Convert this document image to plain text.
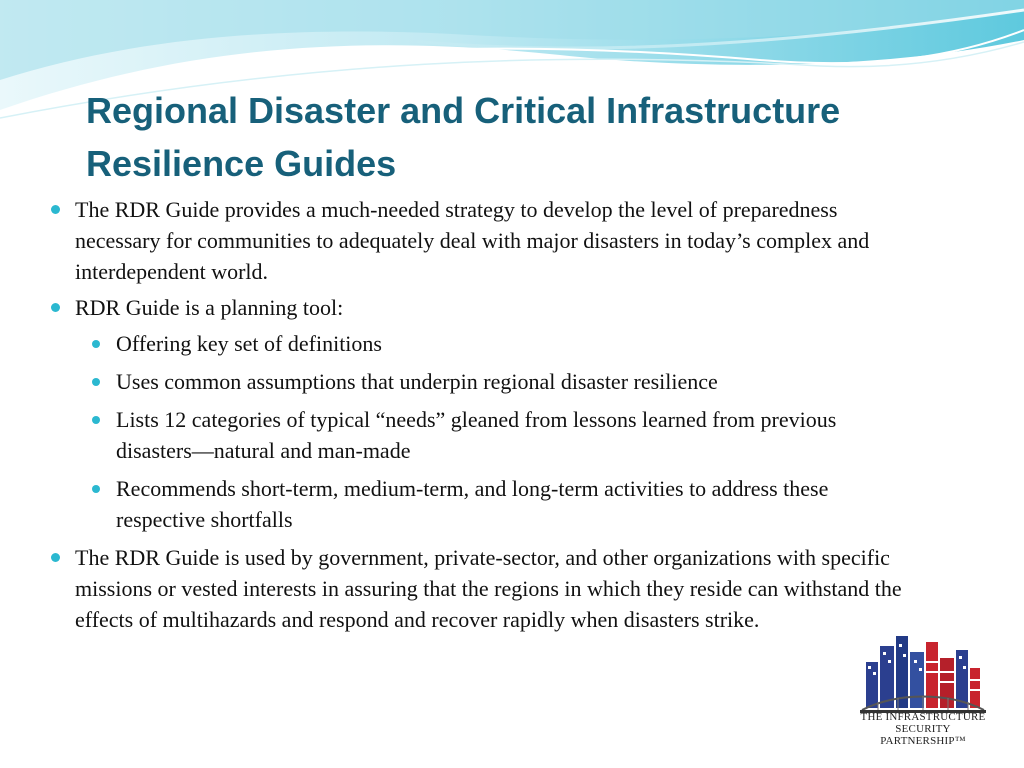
Regional Disaster and Critical Infrastructure Resilience Guides
The RDR Guide provides a much-needed strategy to develop the level of preparedness necessary for communities to adequately deal with major disasters in today’s complex and interdependent world.
RDR Guide is a planning tool:
Offering key set of definitions
Uses common assumptions that underpin regional disaster resilience
Lists 12 categories of typical “needs” gleaned from lessons learned from previous disasters—natural and man-made
Recommends short-term, medium-term, and long-term activities to address these respective shortfalls
The RDR Guide is used by government, private-sector, and other organizations with specific missions or vested interests in assuring that the regions in which they reside can withstand the effects of multihazards and respond and recover rapidly when disasters strike.
THE INFRASTRUCTURE
SECURITY PARTNERSHIP™
